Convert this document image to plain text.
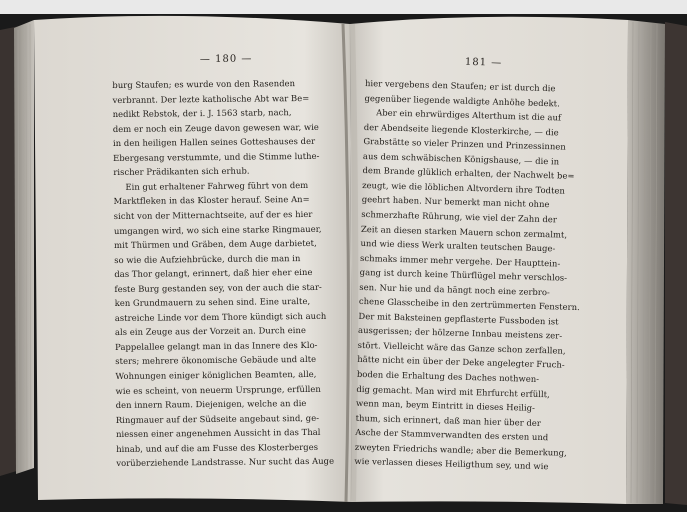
— 180 —
burg Staufen; es wurde von den Rasenden
verbrannt. Der lezte katholische Abt war Be=
nedikt Rebstok, der i. J. 1563 starb, nach,
dem er noch ein Zeuge davon gewesen war, wie
in den heiligen Hallen seines Gotteshauses der
Ebergesang verstummte, und die Stimme luthe-
rischer Prädikanten sich erhub.
Ein gut erhaltener Fahrweg führt von dem
Marktfleken in das Kloster herauf. Seine An=
sicht von der Mitternachtseite, auf der es hier
umgangen wird, wo sich eine starke Ringmauer,
mit Thürmen und Gräben, dem Auge darbietet,
so wie die Aufziehbrücke, durch die man in
das Thor gelangt, erinnert, daß hier eher eine
feste Burg gestanden sey, von der auch die star-
ken Grundmauern zu sehen sind. Eine uralte,
astreiche Linde vor dem Thore kündigt sich auch
als ein Zeuge aus der Vorzeit an. Durch eine
Pappelallee gelangt man in das Innere des Klo-
sters; mehrere ökonomische Gebäude und alte
Wohnungen einiger königlichen Beamten, alle,
wie es scheint, von neuerm Ursprunge, erfüllen
den innern Raum. Diejenigen, welche an die
Ringmauer auf der Südseite angebaut sind, ge-
niessen einer angenehmen Aussicht in das Thal
hinab, und auf die am Fusse des Klosterberges
vorüberziehende Landstrasse. Nur sucht das Auge
181 —
hier vergebens den Staufen; er ist durch die
gegenüber liegende waldigte Anhöhe bedekt.
Aber ein ehrwürdiges Alterthum ist die auf
der Abendseite liegende Klosterkirche, — die
Grabstätte so vieler Prinzen und Prinzessinnen
aus dem schwäbischen Königshause, — die in
dem Brande glüklich erhalten, der Nachwelt be=
zeugt, wie die löblichen Altvordern ihre Todten
geehrt haben. Nur bemerkt man nicht ohne
schmerzhafte Rührung, wie viel der Zahn der
Zeit an diesen starken Mauern schon zermalmt,
und wie diess Werk uralten teutschen Bauge-
schmaks immer mehr vergehe. Der Haupttein-
gang ist durch keine Thürflügel mehr verschlos-
sen. Nur hie und da hängt noch eine zerbro-
chene Glasscheibe in den zertrümmerten Fenstern.
Der mit Baksteinen gepflasterte Fussboden ist
ausgerissen; der hölzerne Innbau meistens zer-
stört. Vielleicht wäre das Ganze schon zerfallen,
hätte nicht ein über der Deke angelegter Fruch-
boden die Erhaltung des Daches nothwen-
dig gemacht. Man wird mit Ehrfurcht erfüllt,
wenn man, beym Eintritt in dieses Heilig-
thum, sich erinnert, daß man hier über der
Asche der Stammverwandten des ersten und
zweyten Friedrichs wandle; aber die Bemerkung,
wie verlassen dieses Heiligthum sey, und wie
